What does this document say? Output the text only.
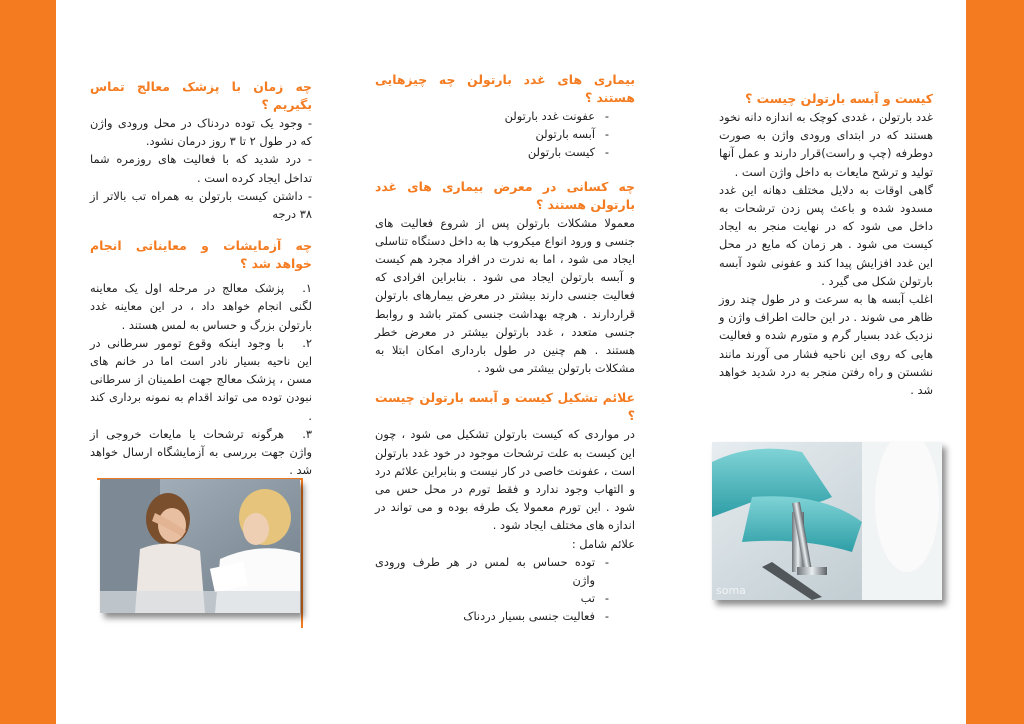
کیست و آبسه بارتولن چیست ؟

غدد بارتولن ، غددی کوچک به اندازه دانه نخود هستند که در ابتدای ورودی واژن به صورت دوطرفه (چپ و راست)قرار دارند و عمل آنها تولید و ترشح مایعات به داخل واژن است .

گاهی اوقات به دلایل مختلف دهانه این غدد مسدود شده و باعث پس زدن ترشحات به داخل می شود که در نهایت منجر به ایجاد کیست می شود . هر زمان که مایع در محل این غدد افزایش پیدا کند و عفونی شود آبسه بارتولن شکل می گیرد .

اغلب آبسه ها به سرعت و در طول چند روز ظاهر می شوند . در این حالت اطراف واژن و نزدیک غدد بسیار گرم و متورم شده و فعالیت هایی که روی این ناحیه فشار می آورند مانند نشستن و راه رفتن منجر به درد شدید خواهد شد .

soma
بیماری های غدد بارتولن چه چیزهایی هستند ؟
- عفونت غدد بارتولن
- آبسه بارتولن
- کیست بارتولن
چه کسانی در معرض بیماری های غدد بارتولن هستند ؟

معمولا مشکلات بارتولن پس از شروع فعالیت های جنسی و ورود انواع میکروب ها به داخل دستگاه تناسلی ایجاد می شود ، اما به ندرت در افراد مجرد هم کیست و آبسه بارتولن ایجاد می شود . بنابراین افرادی که فعالیت جنسی دارند بیشتر در معرض بیمارهای بارتولن قراردارند . هرچه بهداشت جنسی کمتر باشد و روابط جنسی متعدد ، غدد بارتولن بیشتر در معرض خطر هستند . هم چنین در طول بارداری امکان ابتلا به مشکلات بارتولن بیشتر می شود .

علائم تشکیل کیست و آبسه بارتولن چیست ؟

در مواردی که کیست بارتولن تشکیل می شود ، چون این کیست به علت ترشحات موجود در خود غدد بارتولن است ، عفونت خاصی در کار نیست و بنابراین علائم درد و التهاب وجود ندارد و فقط تورم در محل حس می شود . این تورم معمولا یک طرفه بوده و می تواند در اندازه های مختلف ایجاد شود .

علائم شامل :

- توده حساس به لمس در هر طرف ورودی واژن
- تب
- فعالیت جنسی بسیار دردناک
چه زمان با پزشک معالج تماس بگیریم ؟

- وجود یک توده دردناک در محل ورودی واژن که در طول ۲ تا ۳ روز درمان نشود.

- درد شدید که با فعالیت های روزمره شما تداخل ایجاد کرده است .

- داشتن کیست بارتولن به همراه تب بالاتر از ۳۸ درجه

چه آزمایشات و معایناتی انجام خواهد شد ؟
۱.پزشک معالج در مرحله اول یک معاینه لگنی انجام خواهد داد ، در این معاینه غدد بارتولن بزرگ و حساس به لمس هستند .
۲.با وجود اینکه وقوع تومور سرطانی در این ناحیه بسیار نادر است اما در خانم های مسن ، پزشک معالج جهت اطمینان از سرطانی نبودن توده می تواند اقدام به نمونه برداری کند .
۳.هرگونه ترشحات یا مایعات خروجی از واژن جهت بررسی به آزمایشگاه ارسال خواهد شد .
